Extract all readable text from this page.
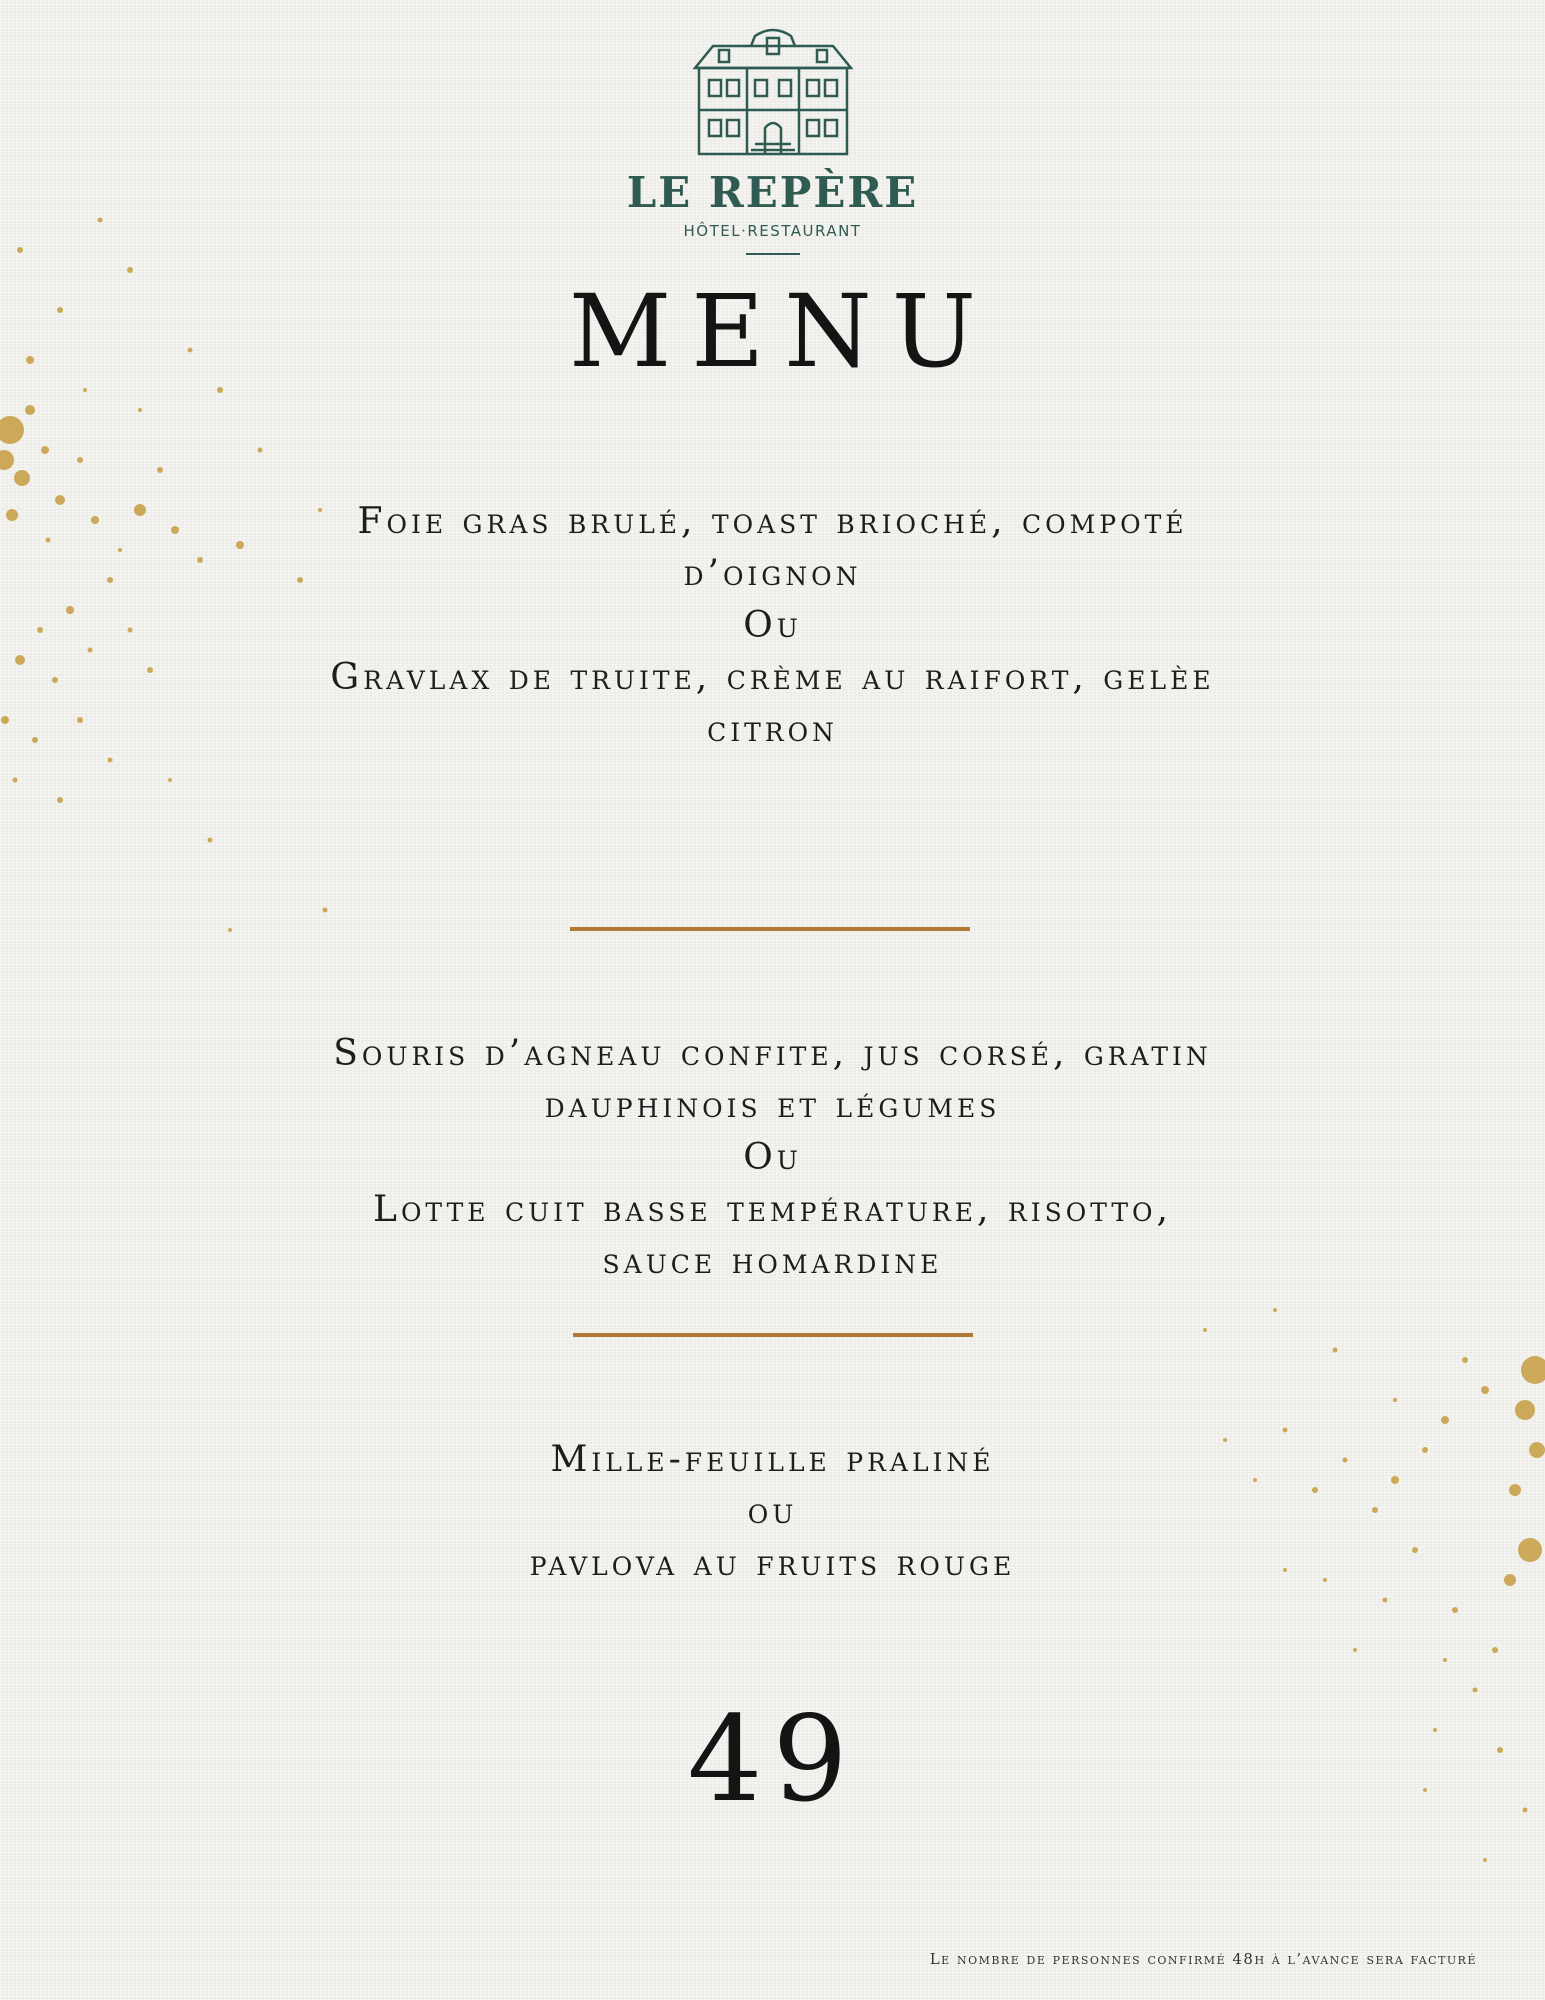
LE REPÈRE
HÔTEL·RESTAURANT
MENU
Foie gras brulé, toast brioché, compoté
d’oignon
Ou
Gravlax de truite, crème au raifort, gelèe
citron
Souris d’agneau confite, jus corsé, gratin
dauphinois et légumes
Ou
Lotte cuit basse température, risotto,
sauce homardine
Mille-feuille praliné
ou
pavlova au fruits rouge
49
Le nombre de personnes confirmé 48h à l’avance sera facturé
